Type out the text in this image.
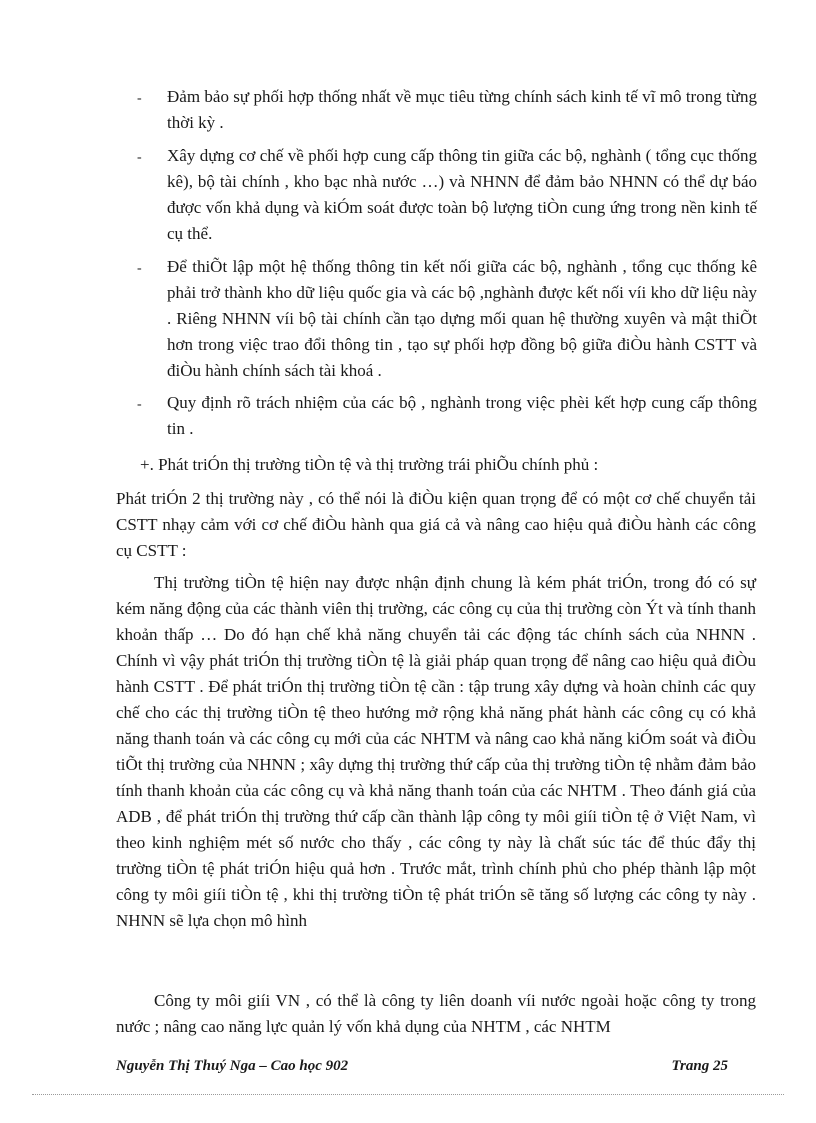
-	Đảm bảo sự phối hợp thống nhất về mục tiêu từng chính sách kinh tế vĩ mô trong từng thời kỳ .
-	Xây dựng cơ chế về phối hợp cung cấp thông tin giữa các bộ, nghành ( tổng cục thống kê), bộ tài chính , kho bạc nhà nước …) và NHNN để đảm bảo NHNN có thể dự báo được vốn khả dụng và kiÓm soát được toàn bộ lượng tiÒn cung ứng trong nền kinh tế cụ thể.
-	Để thiÕt lập một hệ thống thông tin kết nối giữa các bộ, nghành , tổng cục thống kê phải trở thành kho dữ liệu quốc gia và các bộ ,nghành được kết nối víi kho dữ liệu này . Riêng NHNN víi bộ tài chính cần tạo dựng mối quan hệ thường xuyên và mật thiÕt hơn trong việc trao đổi thông tin , tạo sự phối hợp đồng bộ giữa điÒu hành CSTT và điÒu hành chính sách tài khoá .
-	Quy định rõ trách nhiệm của các bộ , nghành trong việc phèi kết hợp cung cấp thông tin .
+. Phát triÓn thị trường tiÒn tệ và thị trường trái phiÕu chính phủ :
Phát triÓn 2 thị trường này , có thể nói là điÒu kiện quan trọng để có một cơ chế chuyển tải CSTT nhạy cảm với cơ chế điÒu hành qua giá cả và nâng cao hiệu quả điÒu hành các công cụ CSTT :
Thị trường tiÒn tệ hiện nay được nhận định chung là kém phát triÓn, trong đó có sự kém năng động của các thành viên thị trường, các công cụ của thị trường còn Ýt và tính thanh khoản thấp … Do đó hạn chế khả năng chuyển tải các động tác chính sách của NHNN . Chính vì vậy phát triÓn thị trường tiÒn tệ là giải pháp quan trọng để nâng cao hiệu quả điÒu hành CSTT . Để phát triÓn thị trường tiÒn tệ cần : tập trung xây dựng và hoàn chỉnh các quy chế cho các thị trường tiÒn tệ theo hướng mở rộng khả năng phát hành các công cụ có khả năng thanh toán và các công cụ mới của các NHTM và nâng cao khả năng kiÓm soát và điÒu tiÕt thị trường của NHNN ; xây dựng thị trường thứ cấp của thị trường tiÒn tệ nhằm đảm bảo tính thanh khoản của các công cụ và khả năng thanh toán của các NHTM . Theo đánh giá của ADB , để phát triÓn thị trường thứ cấp cần thành lập công ty môi giíi tiÒn tệ ở Việt Nam, vì theo kinh nghiệm mét số nước cho thấy , các công ty này là chất súc tác để thúc đẩy thị trường tiÒn tệ phát triÓn hiệu quả hơn . Trước mắt, trình chính phủ cho phép thành lập một công ty môi giíi tiÒn tệ , khi thị trường tiÒn tệ phát triÓn sẽ tăng số lượng các công ty này . NHNN sẽ lựa chọn mô hình
Công ty môi giíi VN , có thể là công ty liên doanh víi nước ngoài hoặc công ty trong nước ; nâng cao năng lực quản lý vốn khả dụng của NHTM , các NHTM
Nguyễn Thị Thuý Nga – Cao học 902	Trang 25
